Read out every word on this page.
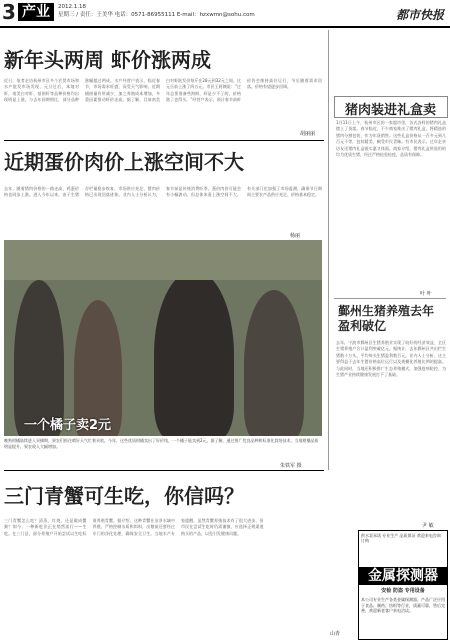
3 产业	2012.1.18
星期三 / 责任：王美华 电话：0571-86955111 E-mail：hzxwmn@sohu.com	都市快报
新年头两周 虾价涨两成
近日，笔者走访杭州市区多个农贸市场和水产批发市场发现，元旦过后，本地对虾、南美白对虾、基围虾等品种价格均出现明显上涨。与去年同期相比，部分品种涨幅超过两成。水产经营户表示，临近春节，市场需求旺盛，而受天气影响，近期捕捞量有所减少，加之养殖成本增加，多重因素推动虾价走高。据了解，目前南美白对虾批发价每斤在28元到32元之间，比元旦前上涨了四五元。市民王阿姨说：“过年总要准备些海鲜，虾是少不了的，价格涨了也得买。”经营户表示，预计春节前虾价仍会维持高位运行，节后随着需求回落，价格有望逐步回调。
胡丽丽
近期蛋价肉价上涨空间不大
去年，随着猪肉价格的一路走高，鸡蛋价格也同步上涨。进入今年以来，由于生猪存栏量稳步恢复，市场供应充足，猪肉价格已出现回落迹象。业内人士分析认为，春节前是传统消费旺季，蛋价肉价可能会有小幅波动，但总体来看上涨空间不大。有关部门也加强了市场监测，确保节日期间主要农产品供应充足、价格基本稳定。
杨丽
一个橘子卖2元
晚熟柑橘陆续进入采摘期，果农们抓住晴好天气忙着采收。今年，这些优质柑橘卖出了好价钱，一个橘子能卖到2元。据了解，通过推广优良品种和标准化栽培技术，当地柑橘品质明显提升，果农收入大幅增加。
朱铁军 摄
三门青蟹可生吃，你信吗？
三门青蟹怎么吃？清蒸、红烧、还是做成蟹粥？如今，一种新吃法正在悄然流行——生吃。在三门县，部分养殖户开始尝试以生吃标准养殖青蟹。据介绍，这种青蟹在洁净水域中养殖，严格控制水质和饵料，出塘前还要经过专门的净化处理，确保安全卫生。当地水产专家提醒，虽然青蟹养殖技术有了很大进步，但市民在尝试生吃时仍需谨慎，应选择正规渠道购买的产品，以免引发健康问题。
山青
猪肉装进礼盒卖
1月11日上午，杭州市区的一家超市里，各式各样的猪肉礼盒摆上了货架。春节临近，不少商家推出了猪肉礼盒，将精选的猪肉分割包装，作为年货销售。这些礼盒价格从一百多元到几百元不等，包装精美，颇受市民青睐。有市民表示，过年走亲访友送猪肉礼盒既实惠又体面。商家介绍，猪肉礼盒所选用的均为优质生猪，经过严格检验检疫，品质有保障。
叶 叶
鄞州生猪养殖去年盈利破亿
去年，宁波市鄞州区生猪养殖业实现了较好的经济效益，全区生猪养殖户合计盈利突破亿元。据统计，去年鄞州区共出栏生猪数十万头，平均每头生猪盈利数百元。业内人士分析，这主要得益于去年生猪价格高位运行以及规模化养殖比例的提高。与此同时，当地还积极推广生态养殖模式，加强疫病防控，为生猪产业持续健康发展打下了基础。
尹 敏
供水泵承诺 专业生产 品质保证 欢迎来电咨询订购
金属探测器
安检 防盗 专用设备
本公司专业生产各类金属探测器，产品广泛应用于食品、制药、纺织等行业，质量可靠，售后完善，欢迎新老客户来电洽谈。
